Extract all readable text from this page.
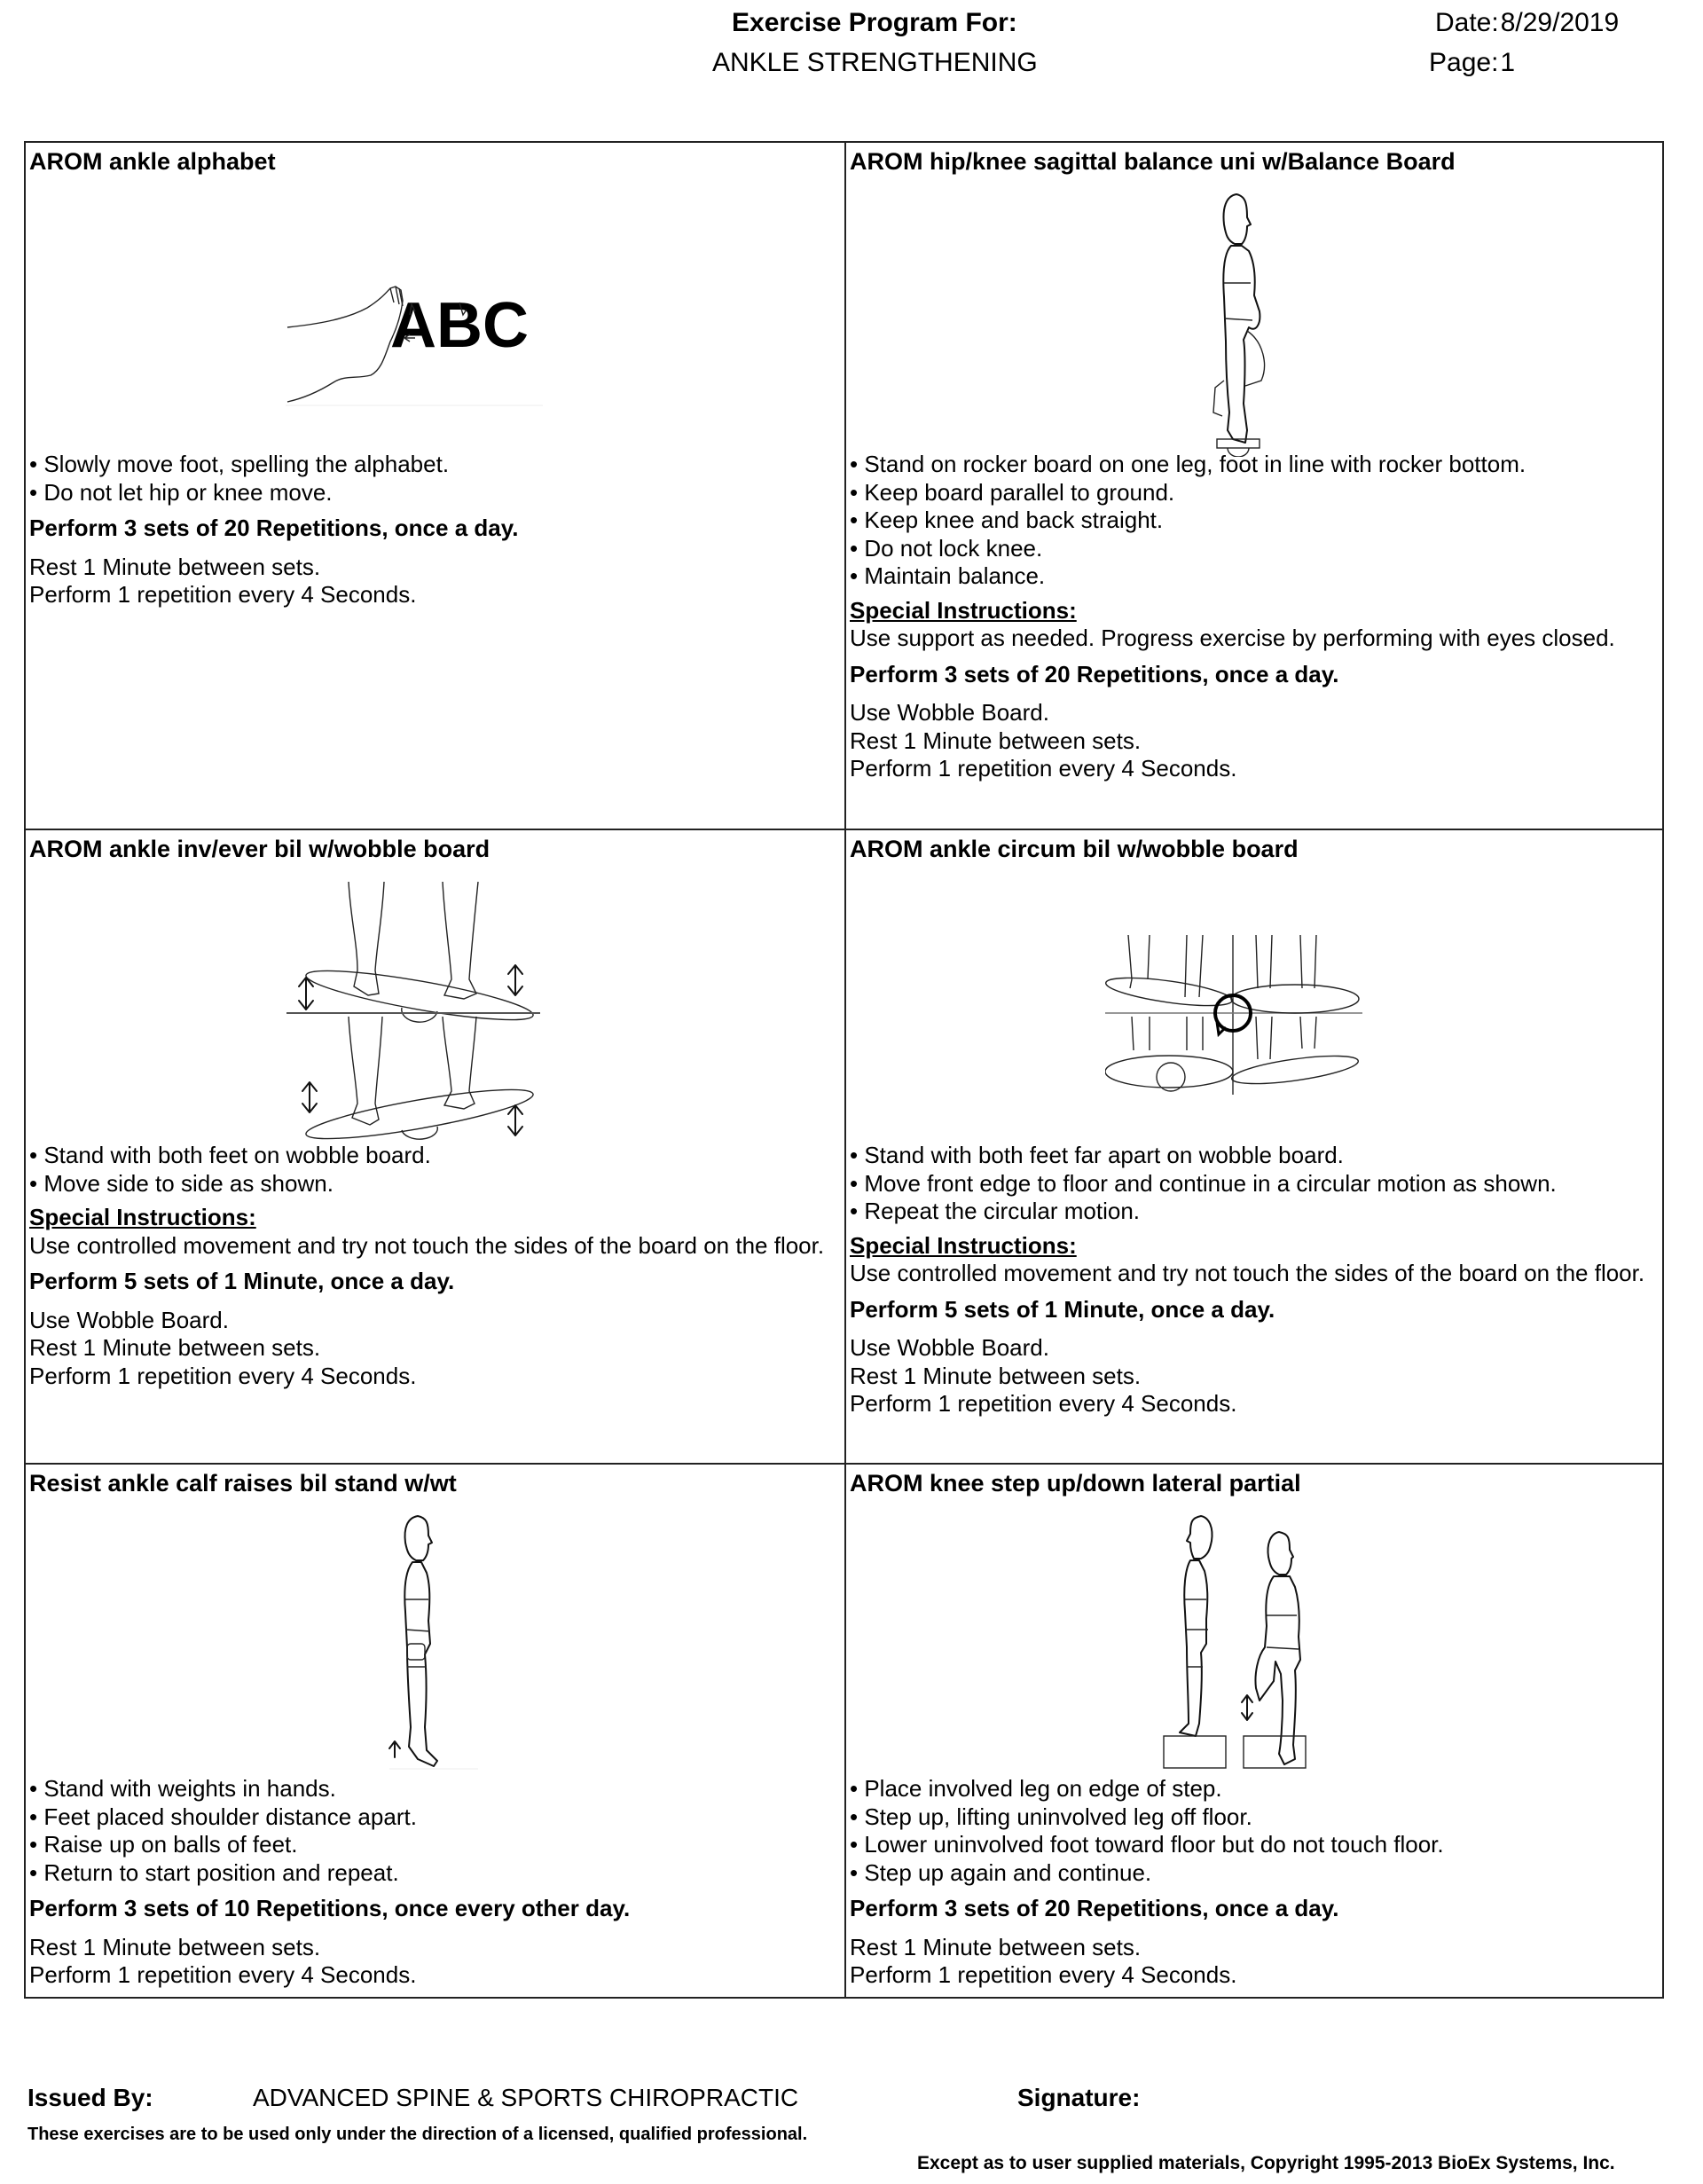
Exercise Program For:
ANKLE STRENGTHENING
Date:8/29/2019
Page:1
AROM ankle alphabet
ABC
• Slowly move foot, spelling the alphabet.
• Do not let hip or knee move.
Perform 3 sets of 20 Repetitions, once a day.
Rest 1 Minute between sets.
Perform 1 repetition every 4 Seconds.
AROM hip/knee sagittal balance uni w/Balance Board
• Stand on rocker board on one leg, foot in line with rocker bottom.
• Keep board parallel to ground.
• Keep knee and back straight.
• Do not lock knee.
• Maintain balance.
Special Instructions:
Use support as needed. Progress exercise by performing with eyes closed.
Perform 3 sets of 20 Repetitions, once a day.
Use Wobble Board.
Rest 1 Minute between sets.
Perform 1 repetition every 4 Seconds.
AROM ankle inv/ever bil w/wobble board
• Stand with both feet on wobble board.
• Move side to side as shown.
Special Instructions:
Use controlled movement and try not touch the sides of the board on the floor.
Perform 5 sets of 1 Minute, once a day.
Use Wobble Board.
Rest 1 Minute between sets.
Perform 1 repetition every 4 Seconds.
AROM ankle circum bil w/wobble board
• Stand with both feet far apart on wobble board.
• Move front edge to floor and continue in a circular motion as shown.
• Repeat the circular motion.
Special Instructions:
Use controlled movement and try not touch the sides of the board on the floor.
Perform 5 sets of 1 Minute, once a day.
Use Wobble Board.
Rest 1 Minute between sets.
Perform 1 repetition every 4 Seconds.
Resist ankle calf raises bil stand w/wt
• Stand with weights in hands.
• Feet placed shoulder distance apart.
• Raise up on balls of feet.
• Return to start position and repeat.
Perform 3 sets of 10 Repetitions, once every other day.
Rest 1 Minute between sets.
Perform 1 repetition every 4 Seconds.
AROM knee step up/down lateral partial
• Place involved leg on edge of step.
• Step up, lifting uninvolved leg off floor.
• Lower uninvolved foot toward floor but do not touch floor.
• Step up again and continue.
Perform 3 sets of 20 Repetitions, once a day.
Rest 1 Minute between sets.
Perform 1 repetition every 4 Seconds.
Issued By:	ADVANCED SPINE & SPORTS CHIROPRACTIC	Signature:
These exercises are to be used only under the direction of a licensed, qualified professional.
Except as to user supplied materials, Copyright 1995-2013 BioEx Systems, Inc.
